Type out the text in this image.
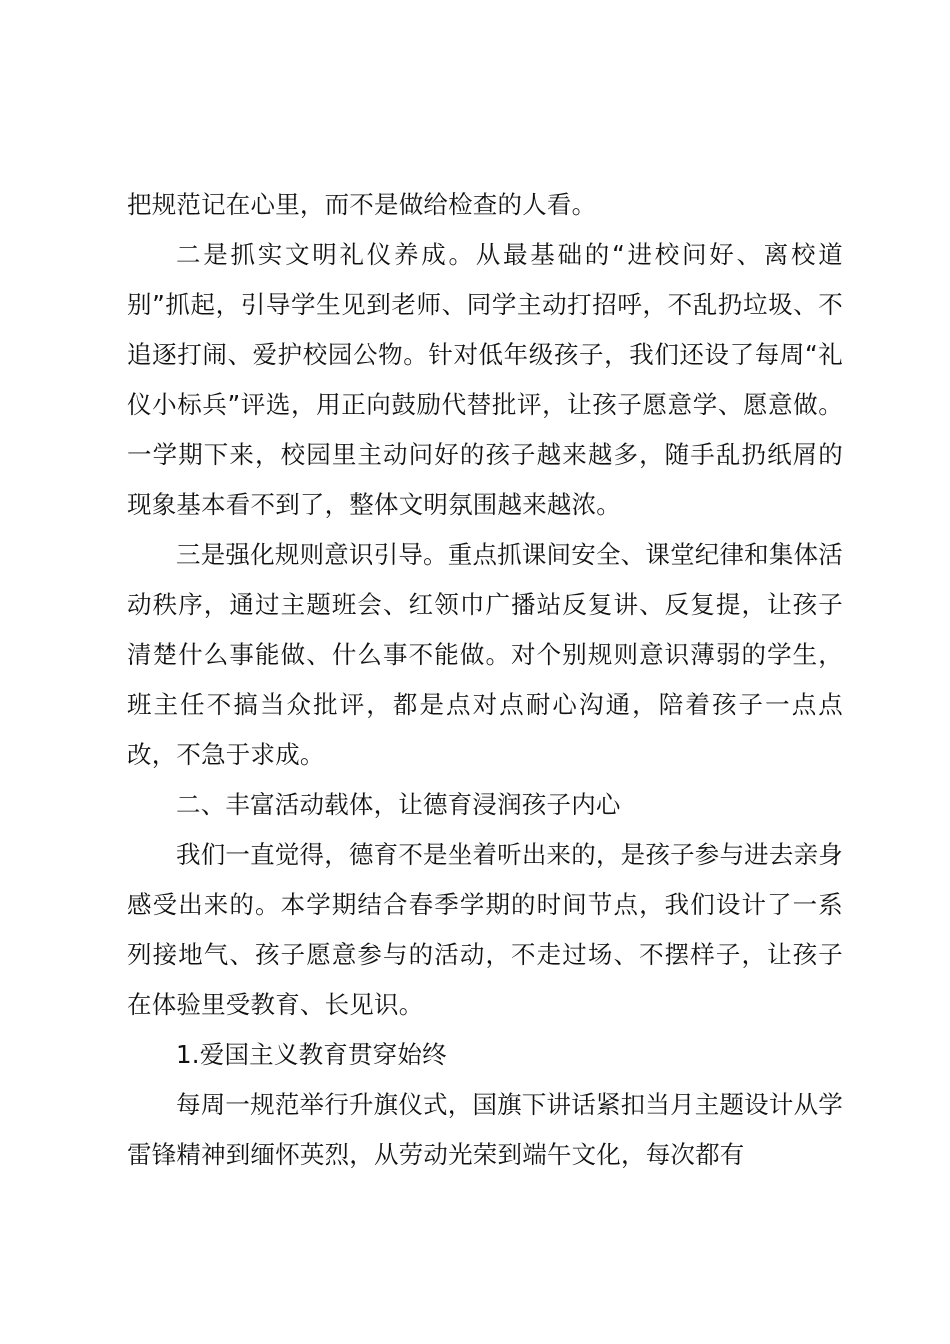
把规范记在心里，而不是做给检查的人看。

二是抓实文明礼仪养成。从最基础的“进校问好、离校道别”抓起，引导学生见到老师、同学主动打招呼，不乱扔垃圾、不追逐打闹、爱护校园公物。针对低年级孩子，我们还设了每周“礼仪小标兵”评选，用正向鼓励代替批评，让孩子愿意学、愿意做。一学期下来，校园里主动问好的孩子越来越多，随手乱扔纸屑的现象基本看不到了，整体文明氛围越来越浓。

三是强化规则意识引导。重点抓课间安全、课堂纪律和集体活动秩序，通过主题班会、红领巾广播站反复讲、反复提，让孩子清楚什么事能做、什么事不能做。对个别规则意识薄弱的学生，班主任不搞当众批评，都是点对点耐心沟通，陪着孩子一点点改，不急于求成。

二、丰富活动载体，让德育浸润孩子内心

我们一直觉得，德育不是坐着听出来的，是孩子参与进去亲身感受出来的。本学期结合春季学期的时间节点，我们设计了一系列接地气、孩子愿意参与的活动，不走过场、不摆样子，让孩子在体验里受教育、长见识。

1.爱国主义教育贯穿始终

每周一规范举行升旗仪式，国旗下讲话紧扣当月主题设计从学雷锋精神到缅怀英烈，从劳动光荣到端午文化，每次都有
